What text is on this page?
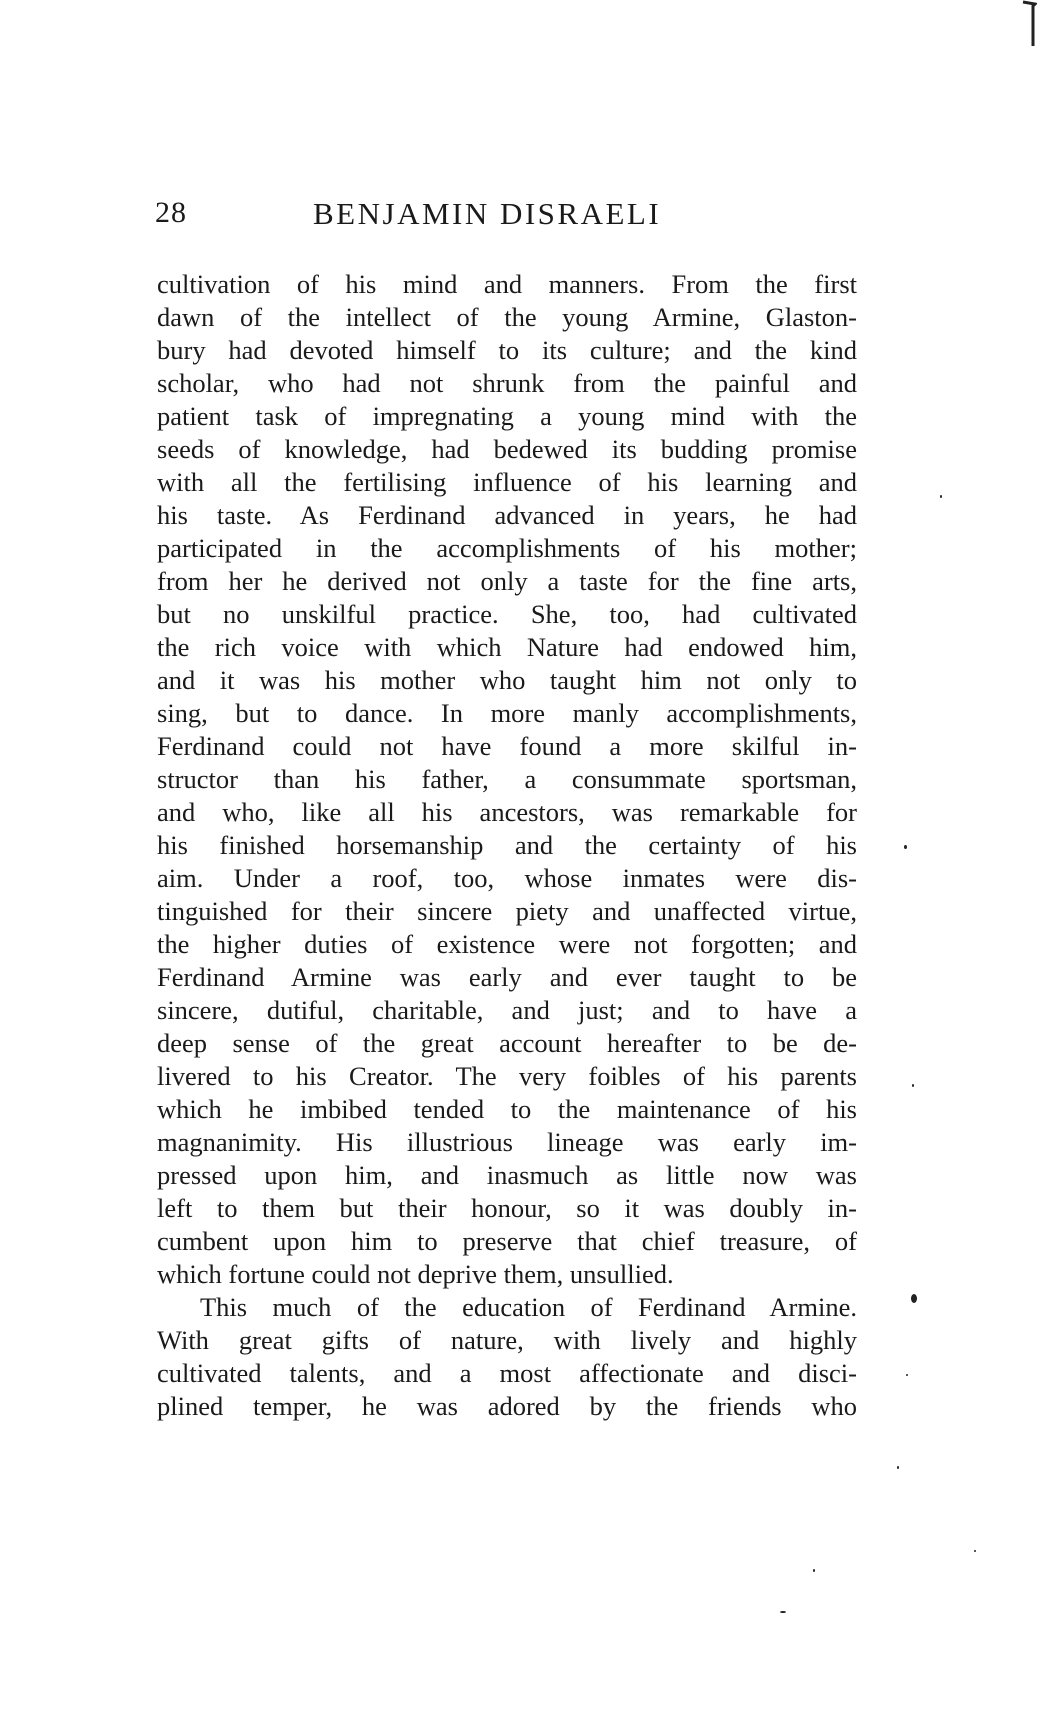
28	BENJAMIN DISRAELI
cultivation of his mind and manners. From the first
dawn of the intellect of the young Armine, Glaston-
bury had devoted himself to its culture; and the kind
scholar, who had not shrunk from the painful and
patient task of impregnating a young mind with the
seeds of knowledge, had bedewed its budding promise
with all the fertilising influence of his learning and
his taste. As Ferdinand advanced in years, he had
participated in the accomplishments of his mother;
from her he derived not only a taste for the fine arts,
but no unskilful practice. She, too, had cultivated
the rich voice with which Nature had endowed him,
and it was his mother who taught him not only to
sing, but to dance. In more manly accomplishments,
Ferdinand could not have found a more skilful in-
structor than his father, a consummate sportsman,
and who, like all his ancestors, was remarkable for
his finished horsemanship and the certainty of his
aim. Under a roof, too, whose inmates were dis-
tinguished for their sincere piety and unaffected virtue,
the higher duties of existence were not forgotten; and
Ferdinand Armine was early and ever taught to be
sincere, dutiful, charitable, and just; and to have a
deep sense of the great account hereafter to be de-
livered to his Creator. The very foibles of his parents
which he imbibed tended to the maintenance of his
magnanimity. His illustrious lineage was early im-
pressed upon him, and inasmuch as little now was
left to them but their honour, so it was doubly in-
cumbent upon him to preserve that chief treasure, of
which fortune could not deprive them, unsullied.
This much of the education of Ferdinand Armine.
With great gifts of nature, with lively and highly
cultivated talents, and a most affectionate and disci-
plined temper, he was adored by the friends who
